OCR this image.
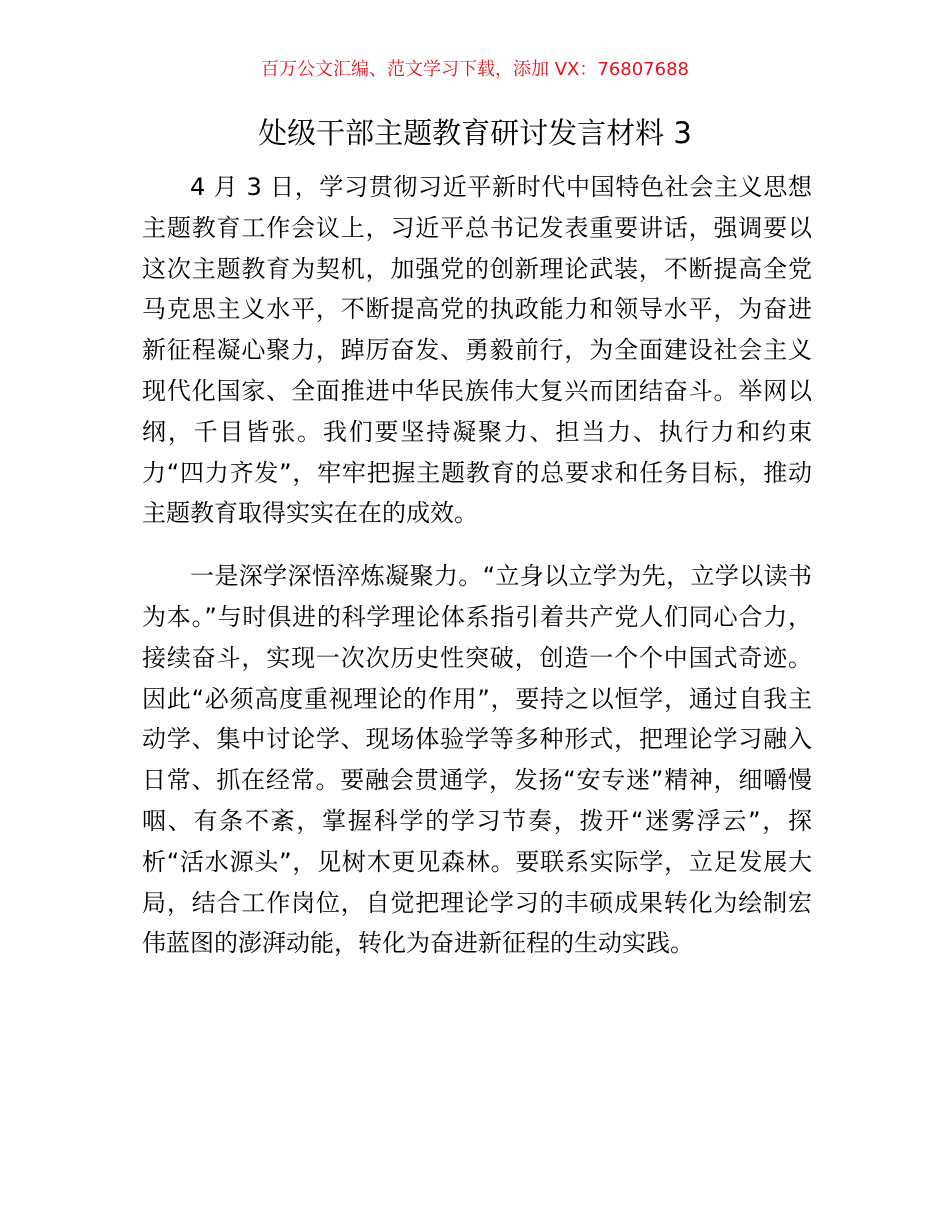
百万公文汇编、范文学习下载，添加 VX：76807688
处级干部主题教育研讨发言材料 3

4 月 3 日，学习贯彻习近平新时代中国特色社会主义思想主题教育工作会议上，习近平总书记发表重要讲话，强调要以这次主题教育为契机，加强党的创新理论武装，不断提高全党马克思主义水平，不断提高党的执政能力和领导水平，为奋进新征程凝心聚力，踔厉奋发、勇毅前行，为全面建设社会主义现代化国家、全面推进中华民族伟大复兴而团结奋斗。举网以纲，千目皆张。我们要坚持凝聚力、担当力、执行力和约束力“四力齐发”，牢牢把握主题教育的总要求和任务目标，推动主题教育取得实实在在的成效。

一是深学深悟淬炼凝聚力。“立身以立学为先，立学以读书为本。”与时俱进的科学理论体系指引着共产党人们同心合力，接续奋斗，实现一次次历史性突破，创造一个个中国式奇迹。因此“必须高度重视理论的作用”，要持之以恒学，通过自我主动学、集中讨论学、现场体验学等多种形式，把理论学习融入日常、抓在经常。要融会贯通学，发扬“安专迷”精神，细嚼慢咽、有条不紊，掌握科学的学习节奏，拨开“迷雾浮云”，探析“活水源头”，见树木更见森林。要联系实际学，立足发展大局，结合工作岗位，自觉把理论学习的丰硕成果转化为绘制宏伟蓝图的澎湃动能，转化为奋进新征程的生动实践。
